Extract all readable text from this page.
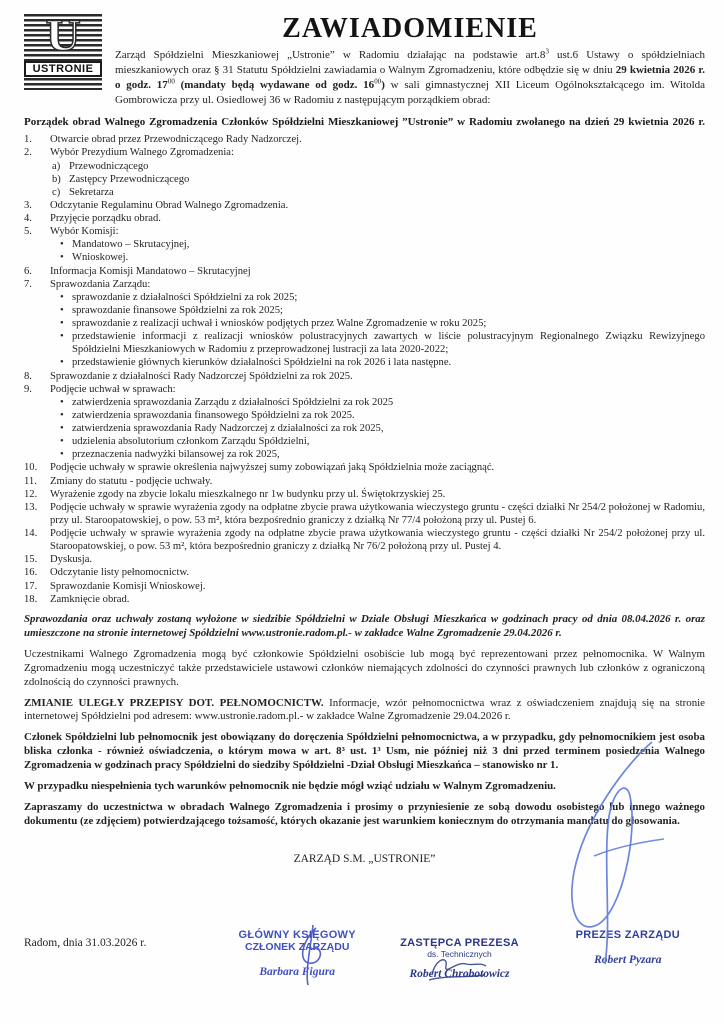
U
USTRONIE
ZAWIADOMIENIE

Zarząd Spółdzielni Mieszkaniowej „Ustronie” w Radomiu działając na podstawie $art.8^3$ ust.6 Ustawy o spółdzielniach mieszkaniowych oraz § 31 Statutu Spółdzielni zawiadamia o Walnym Zgromadzeniu, które odbędzie się w dniu 29 kwietnia 2026 r. o godz. $17^{00}$ (mandaty będą wydawane od godz. $16^{00}$) w sali gimnastycznej XII Liceum Ogólnokształcącego im. Witolda Gombrowicza przy ul. Osiedlowej 36 w Radomiu z następującym porządkiem obrad:

Porządek obrad Walnego Zgromadzenia Członków Spółdzielni Mieszkaniowej ”Ustronie” w Radomiu zwołanego na dzień 29 kwietnia 2026 r.

1.	Otwarcie obrad przez Przewodniczącego Rady Nadzorczej.
2.	Wybór Prezydium Walnego Zgromadzenia:
a) Przewodniczącego
b) Zastępcy Przewodniczącego
c) Sekretarza
3.	Odczytanie Regulaminu Obrad Walnego Zgromadzenia.
4.	Przyjęcie porządku obrad.
5.	Wybór Komisji:
• Mandatowo – Skrutacyjnej,
• Wnioskowej.
6.	Informacja Komisji Mandatowo – Skrutacyjnej
7.	Sprawozdania Zarządu:
• sprawozdanie z działalności Spółdzielni za rok 2025;
• sprawozdanie finansowe Spółdzielni za rok 2025;
• sprawozdanie z realizacji uchwał i wniosków podjętych przez Walne Zgromadzenie w roku 2025;
• przedstawienie informacji z realizacji wniosków polustracyjnych zawartych w liście polustracyjnym Regionalnego Związku Rewizyjnego Spółdzielni Mieszkaniowych w Radomiu z przeprowadzonej lustracji za lata 2020-2022;
• przedstawienie głównych kierunków działalności Spółdzielni na rok 2026 i lata następne.
8.	Sprawozdanie z działalności Rady Nadzorczej Spółdzielni za rok 2025.
9.	Podjęcie uchwał w sprawach:
• zatwierdzenia sprawozdania Zarządu z działalności Spółdzielni za rok 2025
• zatwierdzenia sprawozdania finansowego Spółdzielni za rok 2025.
• zatwierdzenia sprawozdania Rady Nadzorczej z działalności za rok 2025,
• udzielenia absolutorium członkom Zarządu Spółdzielni,
• przeznaczenia nadwyżki bilansowej za rok 2025,
10.	Podjęcie uchwały w sprawie określenia najwyższej sumy zobowiązań jaką Spółdzielnia może zaciągnąć.
11.	Zmiany do statutu - podjęcie uchwały.
12.	Wyrażenie zgody na zbycie lokalu mieszkalnego nr 1w budynku przy ul. Świętokrzyskiej 25.
13.	Podjęcie uchwały w sprawie wyrażenia zgody na odpłatne zbycie prawa użytkowania wieczystego gruntu - części działki Nr 254/2 położonej w Radomiu, przy ul. Staroopatowskiej, o pow. 53 m², która bezpośrednio graniczy z działką Nr 77/4 położoną przy ul. Pustej 6.
14.	Podjęcie uchwały w sprawie wyrażenia zgody na odpłatne zbycie prawa użytkowania wieczystego gruntu - części działki Nr 254/2 położonej przy ul. Staroopatowskiej, o pow. 53 m², która bezpośrednio graniczy z działką Nr 76/2 położoną przy ul. Pustej 4.
15.	Dyskusja.
16.	Odczytanie listy pełnomocnictw.
17.	Sprawozdanie Komisji Wnioskowej.
18.	Zamknięcie obrad.

Sprawozdania oraz uchwały zostaną wyłożone w siedzibie Spółdzielni w Dziale Obsługi Mieszkańca w godzinach pracy od dnia 08.04.2026 r. oraz umieszczone na stronie internetowej Spółdzielni www.ustronie.radom.pl.- w zakładce Walne Zgromadzenie 29.04.2026 r.

Uczestnikami Walnego Zgromadzenia mogą być członkowie Spółdzielni osobiście lub mogą być reprezentowani przez pełnomocnika. W Walnym Zgromadzeniu mogą uczestniczyć także przedstawiciele ustawowi członków niemających zdolności do czynności prawnych lub członków z ograniczoną zdolnością do czynności prawnych.

ZMIANIE ULEGŁY PRZEPISY DOT. PEŁNOMOCNICTW. Informacje, wzór pełnomocnictwa wraz z oświadczeniem znajdują się na stronie internetowej Spółdzielni pod adresem: www.ustronie.radom.pl.- w zakładce Walne Zgromadzenie 29.04.2026 r.

Członek Spółdzielni lub pełnomocnik jest obowiązany do doręczenia Spółdzielni pełnomocnictwa, a w przypadku, gdy pełnomocnikiem jest osoba bliska członka - również oświadczenia, o którym mowa w art. 8³ ust. 1³ Usm, nie później niż 3 dni przed terminem posiedzenia Walnego Zgromadzenia w godzinach pracy Spółdzielni do siedziby Spółdzielni -Dział Obsługi Mieszkańca – stanowisko nr 1.

W przypadku niespełnienia tych warunków pełnomocnik nie będzie mógł wziąć udziału w Walnym Zgromadzeniu.

Zapraszamy do uczestnictwa w obradach Walnego Zgromadzenia i prosimy o przyniesienie ze sobą dowodu osobistego lub innego ważnego dokumentu (ze zdjęciem) potwierdzającego tożsamość, których okazanie jest warunkiem koniecznym do otrzymania mandatu do głosowania.

ZARZĄD S.M. „USTRONIE”

Radom, dnia 31.03.2026 r.
GŁÓWNY KSIĘGOWY
CZŁONEK ZARZĄDU
Barbara Figura
ZASTĘPCA PREZESA
ds. Technicznych
Robert Chrobotowicz
PREZES ZARZĄDU
Robert Pyzara
